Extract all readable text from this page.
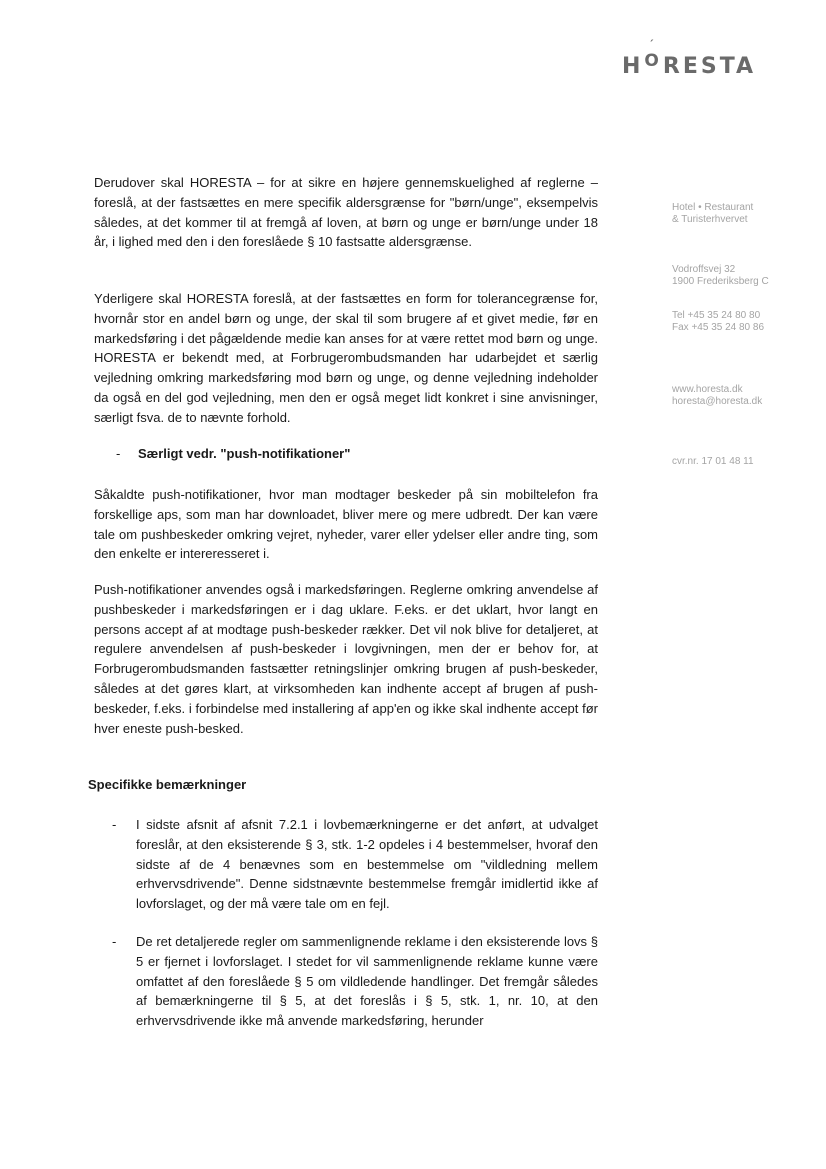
$H^{O ´}$
RESTA
Hotel • Restaurant
& Turisterhvervet
Vodroffsvej 32
1900 Frederiksberg C
Tel +45 35 24 80 80
Fax +45 35 24 80 86
www.horesta.dk
horesta@horesta.dk
cvr.nr. 17 01 48 11

Derudover skal HORESTA – for at sikre en højere gennemskuelighed af reglerne – foreslå, at der fastsættes en mere specifik aldersgrænse for "børn/unge", eksempelvis således, at det kommer til at fremgå af loven, at børn og unge er børn/unge under 18 år, i lighed med den i den foreslåede § 10 fastsatte aldersgrænse.

Yderligere skal HORESTA foreslå, at der fastsættes en form for tolerancegrænse for, hvornår stor en andel børn og unge, der skal til som brugere af et givet medie, før en markedsføring i det pågældende medie kan anses for at være rettet mod børn og unge. HORESTA er bekendt med, at Forbrugerombudsmanden har udarbejdet et særlig vejledning omkring markedsføring mod børn og unge, og denne vejledning indeholder da også en del god vejledning, men den er også meget lidt konkret i sine anvisninger, særligt fsva. de to nævnte forhold.

- Særligt vedr. "push-notifikationer"

Såkaldte push-notifikationer, hvor man modtager beskeder på sin mobiltelefon fra forskellige aps, som man har downloadet, bliver mere og mere udbredt. Der kan være tale om pushbeskeder omkring vejret, nyheder, varer eller ydelser eller andre ting, som den enkelte er intereresseret i.

Push-notifikationer anvendes også i markedsføringen. Reglerne omkring anvendelse af pushbeskeder i markedsføringen er i dag uklare. F.eks. er det uklart, hvor langt en persons accept af at modtage push-beskeder rækker. Det vil nok blive for detaljeret, at regulere anvendelsen af push-beskeder i lovgivningen, men der er behov for, at Forbrugerombudsmanden fastsætter retningslinjer omkring brugen af push-beskeder, således at det gøres klart, at virksomheden kan indhente accept af brugen af push-beskeder, f.eks. i forbindelse med installering af app'en og ikke skal indhente accept før hver eneste push-besked.

Specifikke bemærkninger
- I sidste afsnit af afsnit 7.2.1 i lovbemærkningerne er det anført, at udvalget foreslår, at den eksisterende § 3, stk. 1-2 opdeles i 4 bestemmelser, hvoraf den sidste af de 4 benævnes som en bestemmelse om "vildledning mellem erhvervsdrivende". Denne sidstnævnte bestemmelse fremgår imidlertid ikke af lovforslaget, og der må være tale om en fejl.

- De ret detaljerede regler om sammenlignende reklame i den eksisterende lovs § 5 er fjernet i lovforslaget. I stedet for vil sammenlignende reklame kunne være omfattet af den foreslåede § 5 om vildledende handlinger. Det fremgår således af bemærkningerne til § 5, at det foreslås i § 5, stk. 1, nr. 10, at den erhvervsdrivende ikke må anvende markedsføring, herunder
